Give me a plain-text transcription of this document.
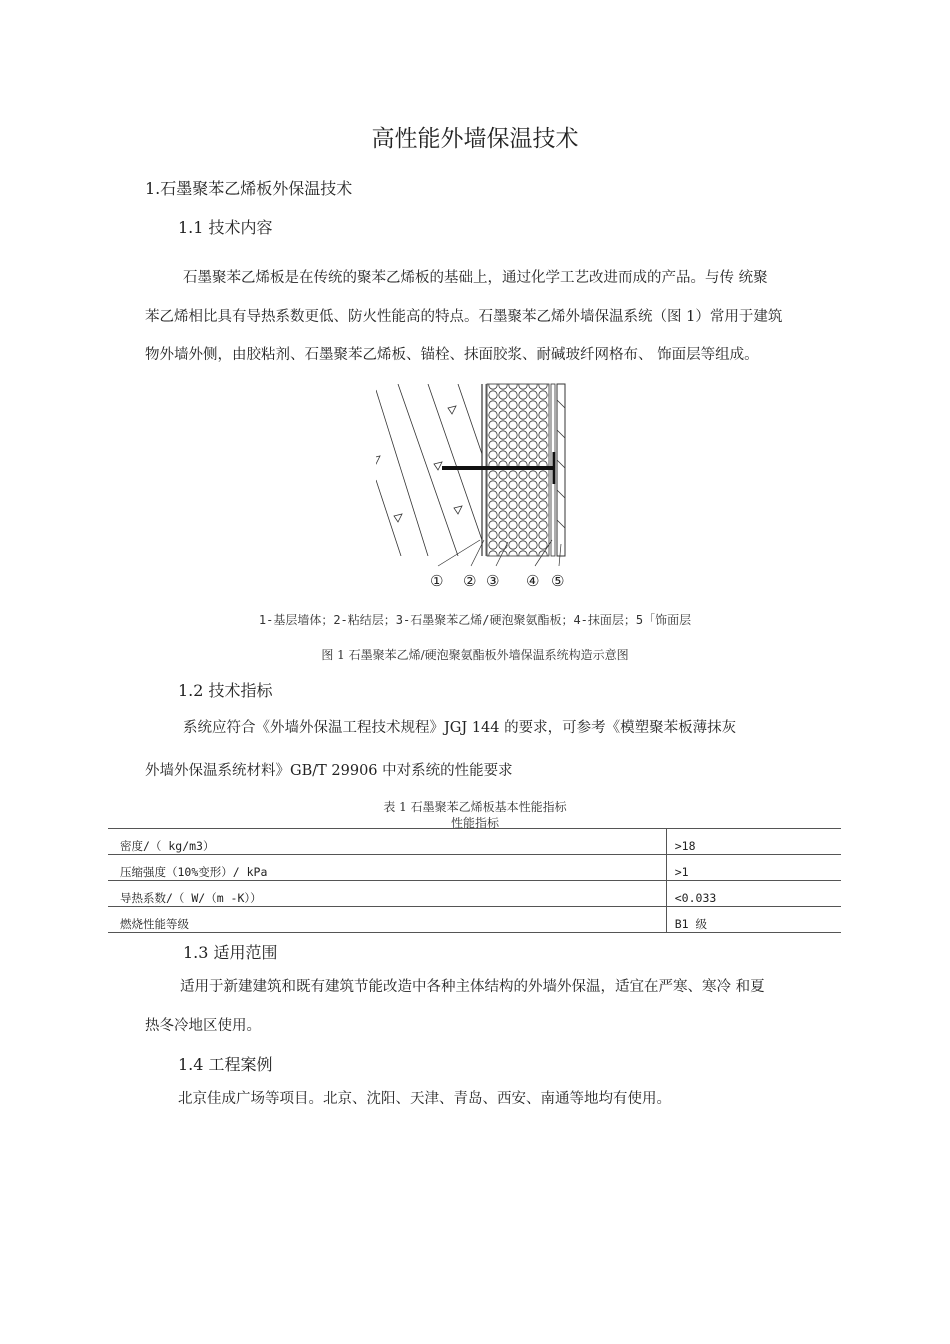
高性能外墙保温技术
1.石墨聚苯乙烯板外保温技术
1.1 技术内容
石墨聚苯乙烯板是在传统的聚苯乙烯板的基础上，通过化学工艺改进而成的产品。与传 统聚
苯乙烯相比具有导热系数更低、防火性能高的特点。石墨聚苯乙烯外墙保温系统（图 1）常用于建筑
物外墙外侧，由胶粘剂、石墨聚苯乙烯板、锚栓、抹面胶浆、耐碱玻纤网格布、 饰面层等组成。
① ② ③ ④ ⑤
1-基层墙体；2-粘结层；3-石墨聚苯乙烯/硬泡聚氨酯板；4-抹面层；5「饰面层
图 1 石墨聚苯乙烯/硬泡聚氨酯板外墙保温系统构造示意图
1.2 技术指标
系统应符合《外墙外保温工程技术规程》JGJ 144 的要求，可参考《模塑聚苯板薄抹灰
外墙外保温系统材料》GB/T 29906 中对系统的性能要求
表 1 石墨聚苯乙烯板基本性能指标
性能指标
密度/（ kg/m3）	>18
压缩强度（10%变形）/ kPa	>1
导热系数/（ W/（m -K））	<0.033
燃烧性能等级	B1 级
1.3 适用范围
适用于新建建筑和既有建筑节能改造中各种主体结构的外墙外保温，适宜在严寒、寒冷 和夏
热冬冷地区使用。
1.4 工程案例
北京佳成广场等项目。北京、沈阳、天津、青岛、西安、南通等地均有使用。
